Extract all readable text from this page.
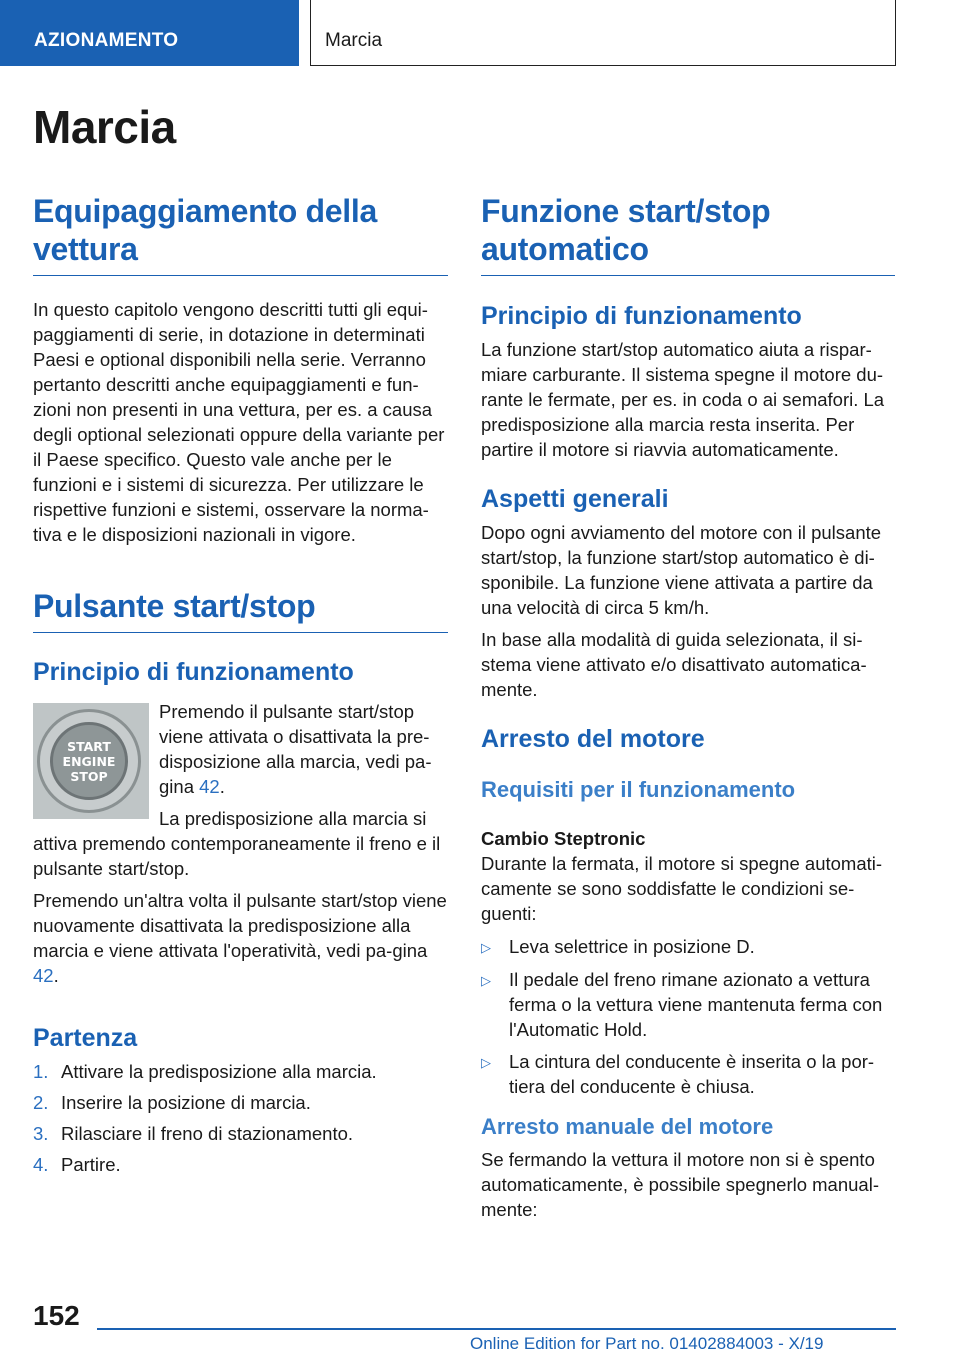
AZIONAMENTO	Marcia
Marcia
Equipaggiamento della vettura

In questo capitolo vengono descritti tutti gli equi-paggiamenti di serie, in dotazione in determinati Paesi e optional disponibili nella serie. Verranno pertanto descritti anche equipaggiamenti e fun-zioni non presenti in una vettura, per es. a causa degli optional selezionati oppure della variante per il Paese specifico. Questo vale anche per le funzioni e i sistemi di sicurezza. Per utilizzare le rispettive funzioni e sistemi, osservare la norma-tiva e le disposizioni nazionali in vigore.

Pulsante start/stop
Principio di funzionamento
START
ENGINE
STOP

Premendo il pulsante start/stop viene attivata o disattivata la pre-disposizione alla marcia, vedi pa-gina 42.

La predisposizione alla marcia si attiva premendo contemporaneamente il freno e il pulsante start/stop.

Premendo un'altra volta il pulsante start/stop viene nuovamente disattivata la predisposizione alla marcia e viene attivata l'operatività, vedi pa-gina 42.

Partenza
1. Attivare la predisposizione alla marcia.
2. Inserire la posizione di marcia.
3. Rilasciare il freno di stazionamento.
4. Partire.
Funzione start/stop automatico
Principio di funzionamento

La funzione start/stop automatico aiuta a rispar-miare carburante. Il sistema spegne il motore du-rante le fermate, per es. in coda o ai semafori. La predisposizione alla marcia resta inserita. Per partire il motore si riavvia automaticamente.

Aspetti generali

Dopo ogni avviamento del motore con il pulsante start/stop, la funzione start/stop automatico è di-sponibile. La funzione viene attivata a partire da una velocità di circa 5 km/h.

In base alla modalità di guida selezionata, il si-stema viene attivato e/o disattivato automatica-mente.

Arresto del motore
Requisiti per il funzionamento
Cambio Steptronic

Durante la fermata, il motore si spegne automati-camente se sono soddisfatte le condizioni se-guenti:

▷ Leva selettrice in posizione D.
▷ Il pedale del freno rimane azionato a vettura ferma o la vettura viene mantenuta ferma con l'Automatic Hold.
▷ La cintura del conducente è inserita o la por-tiera del conducente è chiusa.
Arresto manuale del motore

Se fermando la vettura il motore non si è spento automaticamente, è possibile spegnerlo manual-mente:

152
Online Edition for Part no. 01402884003 - X/19
